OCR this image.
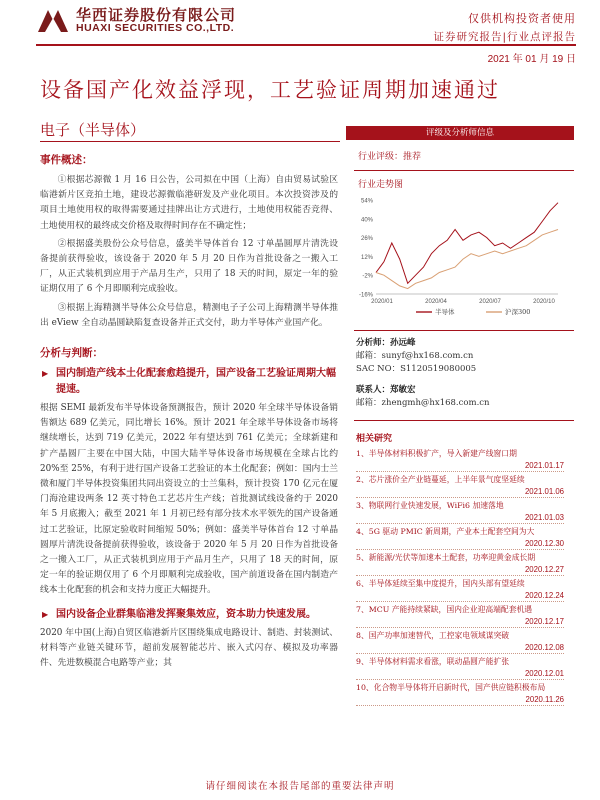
华西证券股份有限公司
HUAXI SECURITIES CO.,LTD.
仅供机构投资者使用
证券研究报告|行业点评报告
2021 年 01 月 19 日
设备国产化效益浮现，工艺验证周期加速通过
电子（半导体）
事件概述：
①根据芯源微 1 月 16 日公告，公司拟在中国（上海）自由贸易试验区临港新片区竞拍土地，建设芯源微临港研发及产业化项目。本次投资涉及的项目土地使用权的取得需要通过挂牌出让方式进行，土地使用权能否竞得、土地使用权的最终成交价格及取得时间存在不确定性；
②根据盛美股份公众号信息，盛美半导体首台 12 寸单晶圆厚片清洗设备提前获得验收，该设备于 2020 年 5 月 20 日作为首批设备之一搬入工厂，从正式装机到应用于产品月生产，只用了 18 天的时间，原定一年的验证期仅用了 6 个月即顺利完成验收。
③根据上海精测半导体公众号信息，精测电子子公司上海精测半导体推出 eView 全自动晶圆缺陷复查设备并正式交付，助力半导体产业国产化。
分析与判断：
▶ 国内制造产线本土化配套愈趋提升，国产设备工艺验证周期大幅提速。
根据 SEMI 最新发布半导体设备预测报告，预计 2020 年全球半导体设备销售额达 689 亿美元，同比增长 16%。预计 2021 年全球半导体设备市场将继续增长，达到 719 亿美元，2022 年有望达到 761 亿美元；全球新建和扩产晶圆厂主要在中国大陆，中国大陆半导体设备市场规模在全球占比约 20%至 25%，有利于进行国产设备工艺验证的本土化配套；例如：国内士兰微和厦门半导体投资集团共同出资设立的士兰集科，预计投资 170 亿元在厦门海沧建设两条 12 英寸特色工艺芯片生产线；首批测试线设备约于 2020 年 5 月底搬入；截至 2021 年 1 月初已经有部分技术水平领先的国产设备通过工艺验证，比原定验收时间缩短 50%；例如：盛美半导体首台 12 寸单晶圆厚片清洗设备提前获得验收，该设备于 2020 年 5 月 20 日作为首批设备之一搬入工厂，从正式装机到应用于产品月生产，只用了 18 天的时间，原定一年的验证期仅用了 6 个月即顺利完成验收，国产前道设备在国内制造产线本土化配套的机会和支持力度正大幅提升。
▶ 国内设备企业群集临港发挥聚集效应，资本助力快速发展。
2020 年中国(上海)自贸区临港新片区围绕集成电路设计、制造、封装测试、材料等产业链关键环节，超前发展智能芯片、嵌入式闪存、模拟及功率器件、先进数模混合电路等产业；其
评级及分析师信息
行业评级：推荐
行业走势图
54%
40%
26%
12%
-2%
-16%
2020/01	2020/04	2020/07	2020/10
半导体	沪深300
分析师：孙远峰
邮箱：sunyf@hx168.com.cn
SAC NO：S1120519080005
联系人：郑敏宏
邮箱：zhengmh@hx168.com.cn
相关研究
1、半导体材料积极扩产，导入新建产线窗口期
2021.01.17
2、芯片涨价全产业链蔓延，上半年景气度坚延续
2021.01.06
3、物联网行业快速发展，WiFi6 加速落地
2021.01.03
4、5G 驱动 PMIC 新周期，产业本土配套空间为大
2020.12.30
5、新能源/光伏等加速本土配套，功率迎黄金成长期
2020.12.27
6、半导体延续至集中度提升，国内头部有望延续
2020.12.24
7、MCU 产能持续紧缺，国内企业迎高端配套机遇
2020.12.17
8、国产功率加速替代，工控家电领域谋突破
2020.12.08
9、半导体材料需求看涨，联动晶圆产能扩张
2020.12.01
10、化合物半导体将开启新时代，国产供应链积极布局
2020.11.26
请仔细阅读在本报告尾部的重要法律声明
